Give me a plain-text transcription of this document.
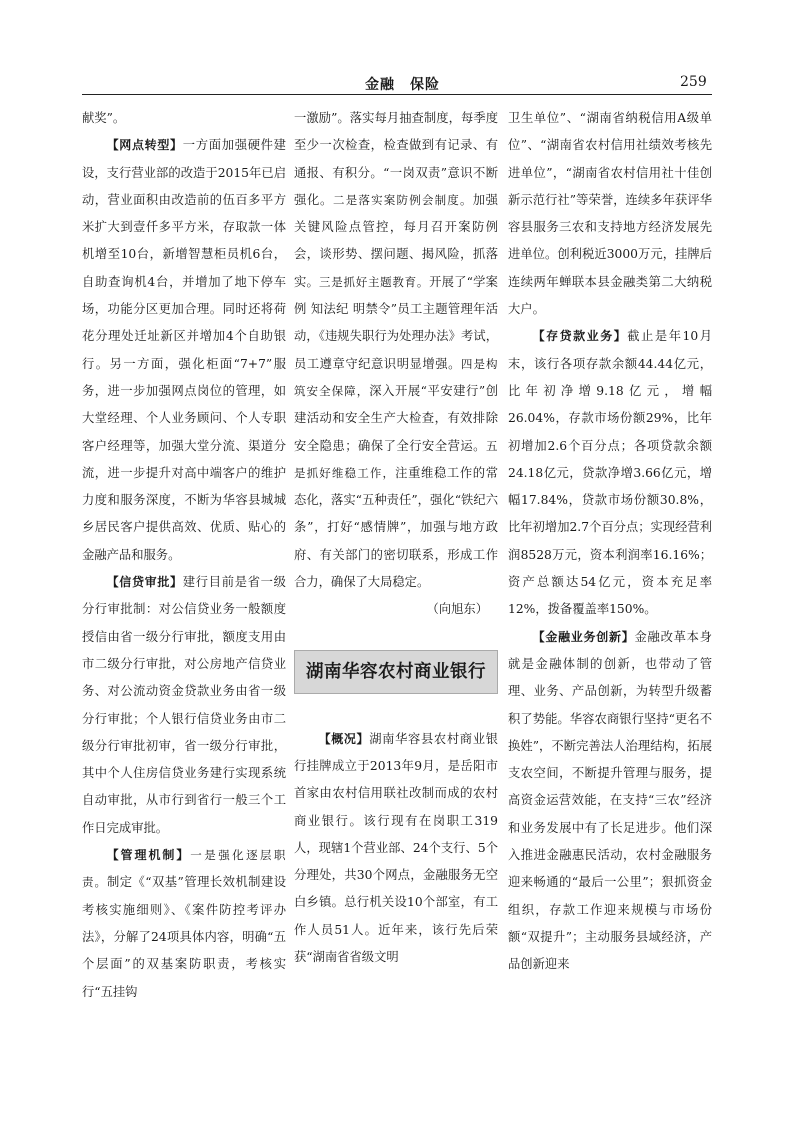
金融　保险	259

献奖”。

【网点转型】一方面加强硬件建设，支行营业部的改造于2015年已启动，营业面积由改造前的伍百多平方米扩大到壹仟多平方米，存取款一体机增至10台，新增智慧柜员机6台，自助查询机4台，并增加了地下停车场，功能分区更加合理。同时还将荷花分理处迁址新区并增加4个自助银行。另一方面，强化柜面“7+7”服务，进一步加强网点岗位的管理，如大堂经理、个人业务顾问、个人专职客户经理等，加强大堂分流、渠道分流，进一步提升对高中端客户的维护力度和服务深度，不断为华容县城城乡居民客户提供高效、优质、贴心的金融产品和服务。

【信贷审批】建行目前是省一级分行审批制：对公信贷业务一般额度授信由省一级分行审批，额度支用由市二级分行审批，对公房地产信贷业务、对公流动资金贷款业务由省一级分行审批；个人银行信贷业务由市二级分行审批初审，省一级分行审批，其中个人住房信贷业务建行实现系统自动审批，从市行到省行一般三个工作日完成审批。

【管理机制】一是强化逐层职责。制定《“双基”管理长效机制建设考核实施细则》、《案件防控考评办法》，分解了24项具体内容，明确“五个层面”的双基案防职责，考核实行“五挂钩

一激励”。落实每月抽查制度，每季度至少一次检查，检查做到有记录、有通报、有积分。“一岗双责”意识不断强化。二是落实案防例会制度。加强关键风险点管控，每月召开案防例会，谈形势、摆问题、揭风险，抓落实。三是抓好主题教育。开展了“学案例 知法纪 明禁令”员工主题管理年活动，《违规失职行为处理办法》考试，员工遵章守纪意识明显增强。四是构筑安全保障，深入开展“平安建行”创建活动和安全生产大检查，有效排除安全隐患；确保了全行安全营运。五是抓好维稳工作，注重维稳工作的常态化，落实“五种责任”，强化“铁纪六条”，打好“感情牌”，加强与地方政府、有关部门的密切联系，形成工作合力，确保了大局稳定。

（向旭东）

湖南华容农村商业银行

【概况】湖南华容县农村商业银行挂牌成立于2013年9月，是岳阳市首家由农村信用联社改制而成的农村商业银行。该行现有在岗职工319人，现辖1个营业部、24个支行、5个分理处，共30个网点，金融服务无空白乡镇。总行机关设10个部室，有工作人员51人。近年来，该行先后荣获“湖南省省级文明

卫生单位”、“湖南省纳税信用A级单位”、“湖南省农村信用社绩效考核先进单位”，“湖南省农村信用社十佳创新示范行社”等荣誉，连续多年获评华容县服务三农和支持地方经济发展先进单位。创利税近3000万元，挂牌后连续两年蝉联本县金融类第二大纳税大户。

【存贷款业务】截止是年10月末，该行各项存款余额44.44亿元，比年初净增9.18亿元，增幅26.04%，存款市场份额29%，比年初增加2.6个百分点；各项贷款余额24.18亿元，贷款净增3.66亿元，增幅17.84%，贷款市场份额30.8%，比年初增加2.7个百分点；实现经营利润8528万元，资本利润率16.16%；资产总额达54亿元，资本充足率12%，拨备覆盖率150%。

【金融业务创新】金融改革本身就是金融体制的创新，也带动了管理、业务、产品创新，为转型升级蓄积了势能。华容农商银行坚持“更名不换姓”，不断完善法人治理结构，拓展支农空间，不断提升管理与服务，提高资金运营效能，在支持“三农”经济和业务发展中有了长足进步。他们深入推进金融惠民活动，农村金融服务迎来畅通的“最后一公里”；狠抓资金组织，存款工作迎来规模与市场份额“双提升”；主动服务县域经济，产品创新迎来
